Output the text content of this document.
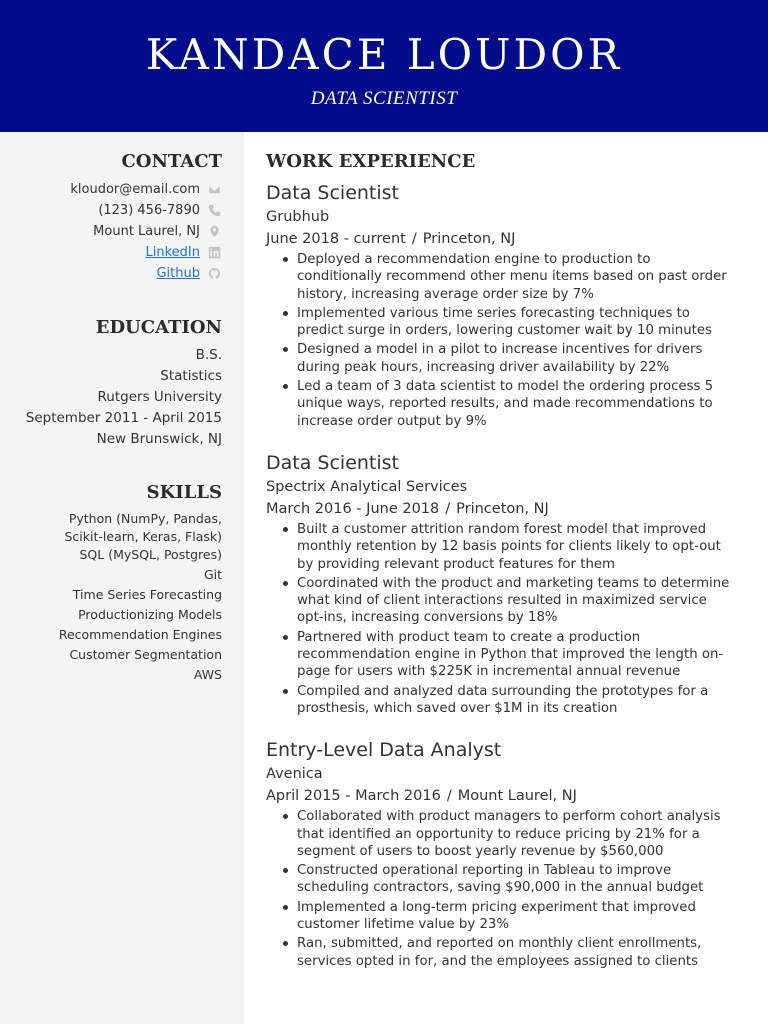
KANDACE LOUDOR
DATA SCIENTIST
CONTACT
kloudor@email.com
(123) 456-7890
Mount Laurel, NJ
LinkedIn
Github
EDUCATION
B.S.
Statistics
Rutgers University
September 2011 - April 2015
New Brunswick, NJ
SKILLS
Python (NumPy, Pandas,
Scikit-learn, Keras, Flask)
SQL (MySQL, Postgres)
Git
Time Series Forecasting
Productionizing Models
Recommendation Engines
Customer Segmentation
AWS
WORK EXPERIENCE
Data Scientist
Grubhub
June 2018 - current / Princeton, NJ
Deployed a recommendation engine to production to conditionally recommend other menu items based on past order history, increasing average order size by 7%
Implemented various time series forecasting techniques to predict surge in orders, lowering customer wait by 10 minutes
Designed a model in a pilot to increase incentives for drivers during peak hours, increasing driver availability by 22%
Led a team of 3 data scientist to model the ordering process 5 unique ways, reported results, and made recommendations to increase order output by 9%
Data Scientist
Spectrix Analytical Services
March 2016 - June 2018 / Princeton, NJ
Built a customer attrition random forest model that improved monthly retention by 12 basis points for clients likely to opt-out by providing relevant product features for them
Coordinated with the product and marketing teams to determine what kind of client interactions resulted in maximized service opt-ins, increasing conversions by 18%
Partnered with product team to create a production recommendation engine in Python that improved the length on-page for users with $225K in incremental annual revenue
Compiled and analyzed data surrounding the prototypes for a prosthesis, which saved over $1M in its creation
Entry-Level Data Analyst
Avenica
April 2015 - March 2016 / Mount Laurel, NJ
Collaborated with product managers to perform cohort analysis that identified an opportunity to reduce pricing by 21% for a segment of users to boost yearly revenue by $560,000
Constructed operational reporting in Tableau to improve scheduling contractors, saving $90,000 in the annual budget
Implemented a long-term pricing experiment that improved customer lifetime value by 23%
Ran, submitted, and reported on monthly client enrollments, services opted in for, and the employees assigned to clients
